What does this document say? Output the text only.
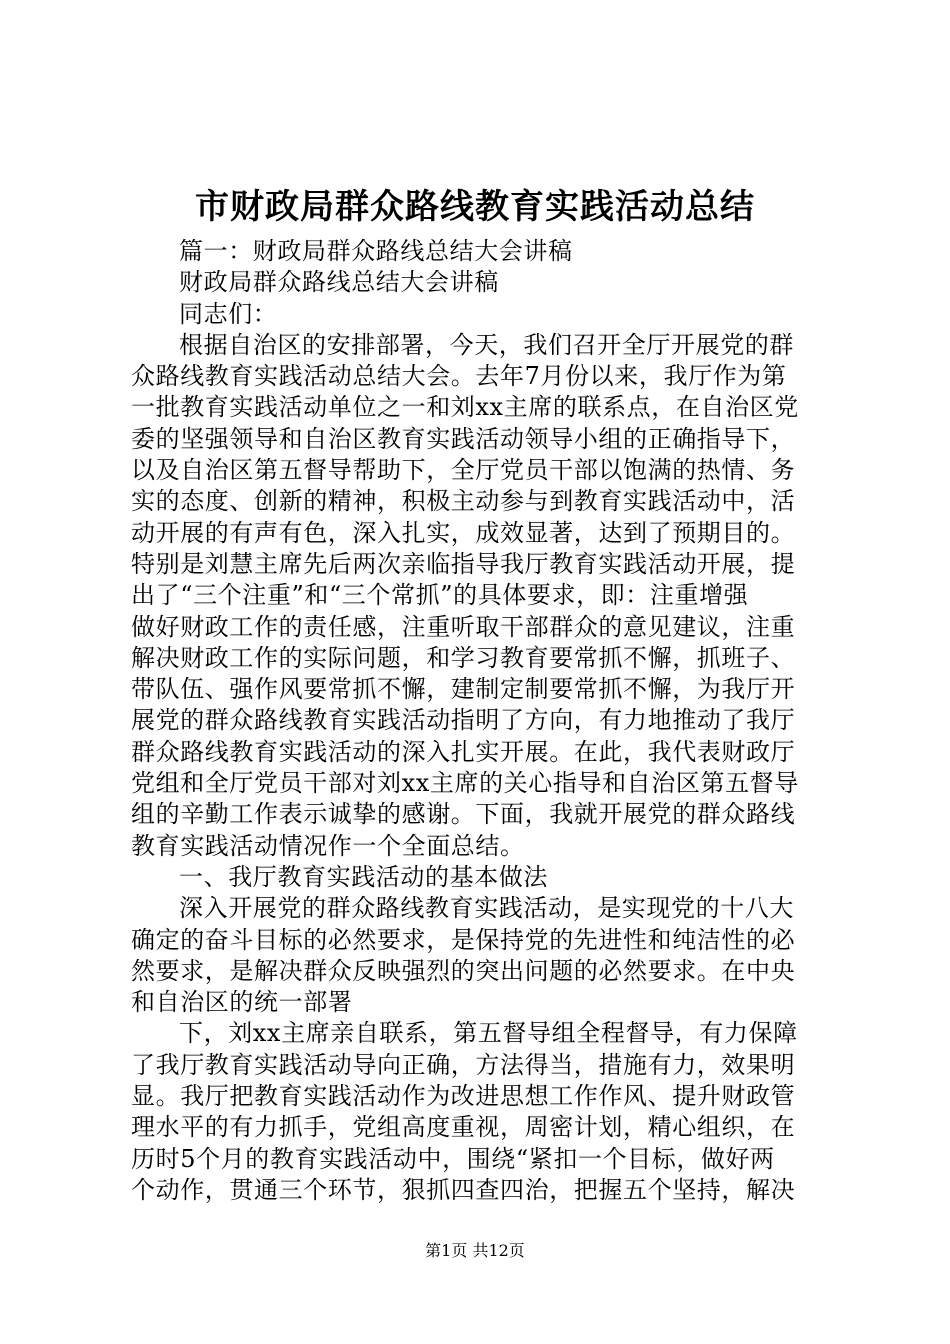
市财政局群众路线教育实践活动总结
篇一：财政局群众路线总结大会讲稿
财政局群众路线总结大会讲稿
同志们：
根据自治区的安排部署，今天，我们召开全厅开展党的群
众路线教育实践活动总结大会。去年7月份以来，我厅作为第
一批教育实践活动单位之一和刘xx主席的联系点，在自治区党
委的坚强领导和自治区教育实践活动领导小组的正确指导下，
以及自治区第五督导帮助下，全厅党员干部以饱满的热情、务
实的态度、创新的精神，积极主动参与到教育实践活动中，活
动开展的有声有色，深入扎实，成效显著，达到了预期目的。
特别是刘慧主席先后两次亲临指导我厅教育实践活动开展，提
出了“三个注重”和“三个常抓”的具体要求，即：注重增强
做好财政工作的责任感，注重听取干部群众的意见建议，注重
解决财政工作的实际问题，和学习教育要常抓不懈，抓班子、
带队伍、强作风要常抓不懈，建制定制要常抓不懈，为我厅开
展党的群众路线教育实践活动指明了方向，有力地推动了我厅
群众路线教育实践活动的深入扎实开展。在此，我代表财政厅
党组和全厅党员干部对刘xx主席的关心指导和自治区第五督导
组的辛勤工作表示诚挚的感谢。下面，我就开展党的群众路线
教育实践活动情况作一个全面总结。
一、我厅教育实践活动的基本做法
深入开展党的群众路线教育实践活动，是实现党的十八大
确定的奋斗目标的必然要求，是保持党的先进性和纯洁性的必
然要求，是解决群众反映强烈的突出问题的必然要求。在中央
和自治区的统一部署
下，刘xx主席亲自联系，第五督导组全程督导，有力保障
了我厅教育实践活动导向正确，方法得当，措施有力，效果明
显。我厅把教育实践活动作为改进思想工作作风、提升财政管
理水平的有力抓手，党组高度重视，周密计划，精心组织，在
历时5个月的教育实践活动中，围绕“紧扣一个目标，做好两
个动作，贯通三个环节，狠抓四查四治，把握五个坚持，解决
第1页 共12页
